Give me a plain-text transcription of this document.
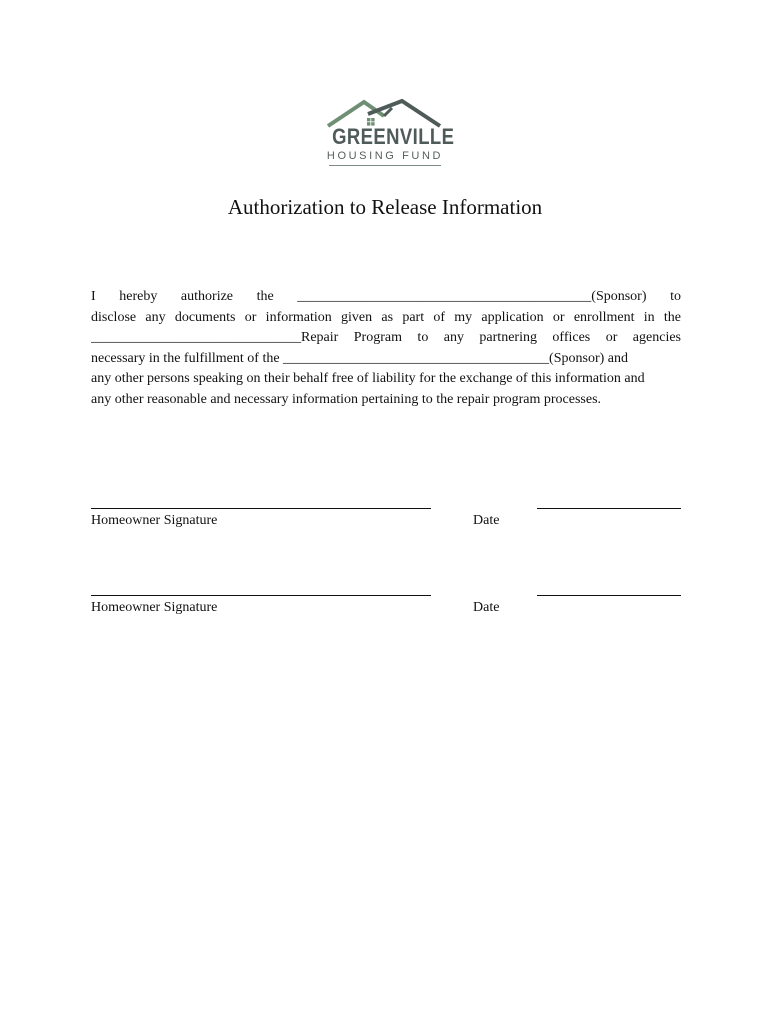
GREENVILLE
HOUSING FUND
Authorization to Release Information
I hereby authorize the __________________________________________(Sponsor) to
disclose any documents or information given as part of my application or enrollment in the
______________________________Repair Program to any partnering offices or agencies
necessary in the fulfillment of the ______________________________________(Sponsor) and
any other persons speaking on their behalf free of liability for the exchange of this information and
any other reasonable and necessary information pertaining to the repair program processes.
Homeowner Signature	Date
Homeowner Signature	Date
